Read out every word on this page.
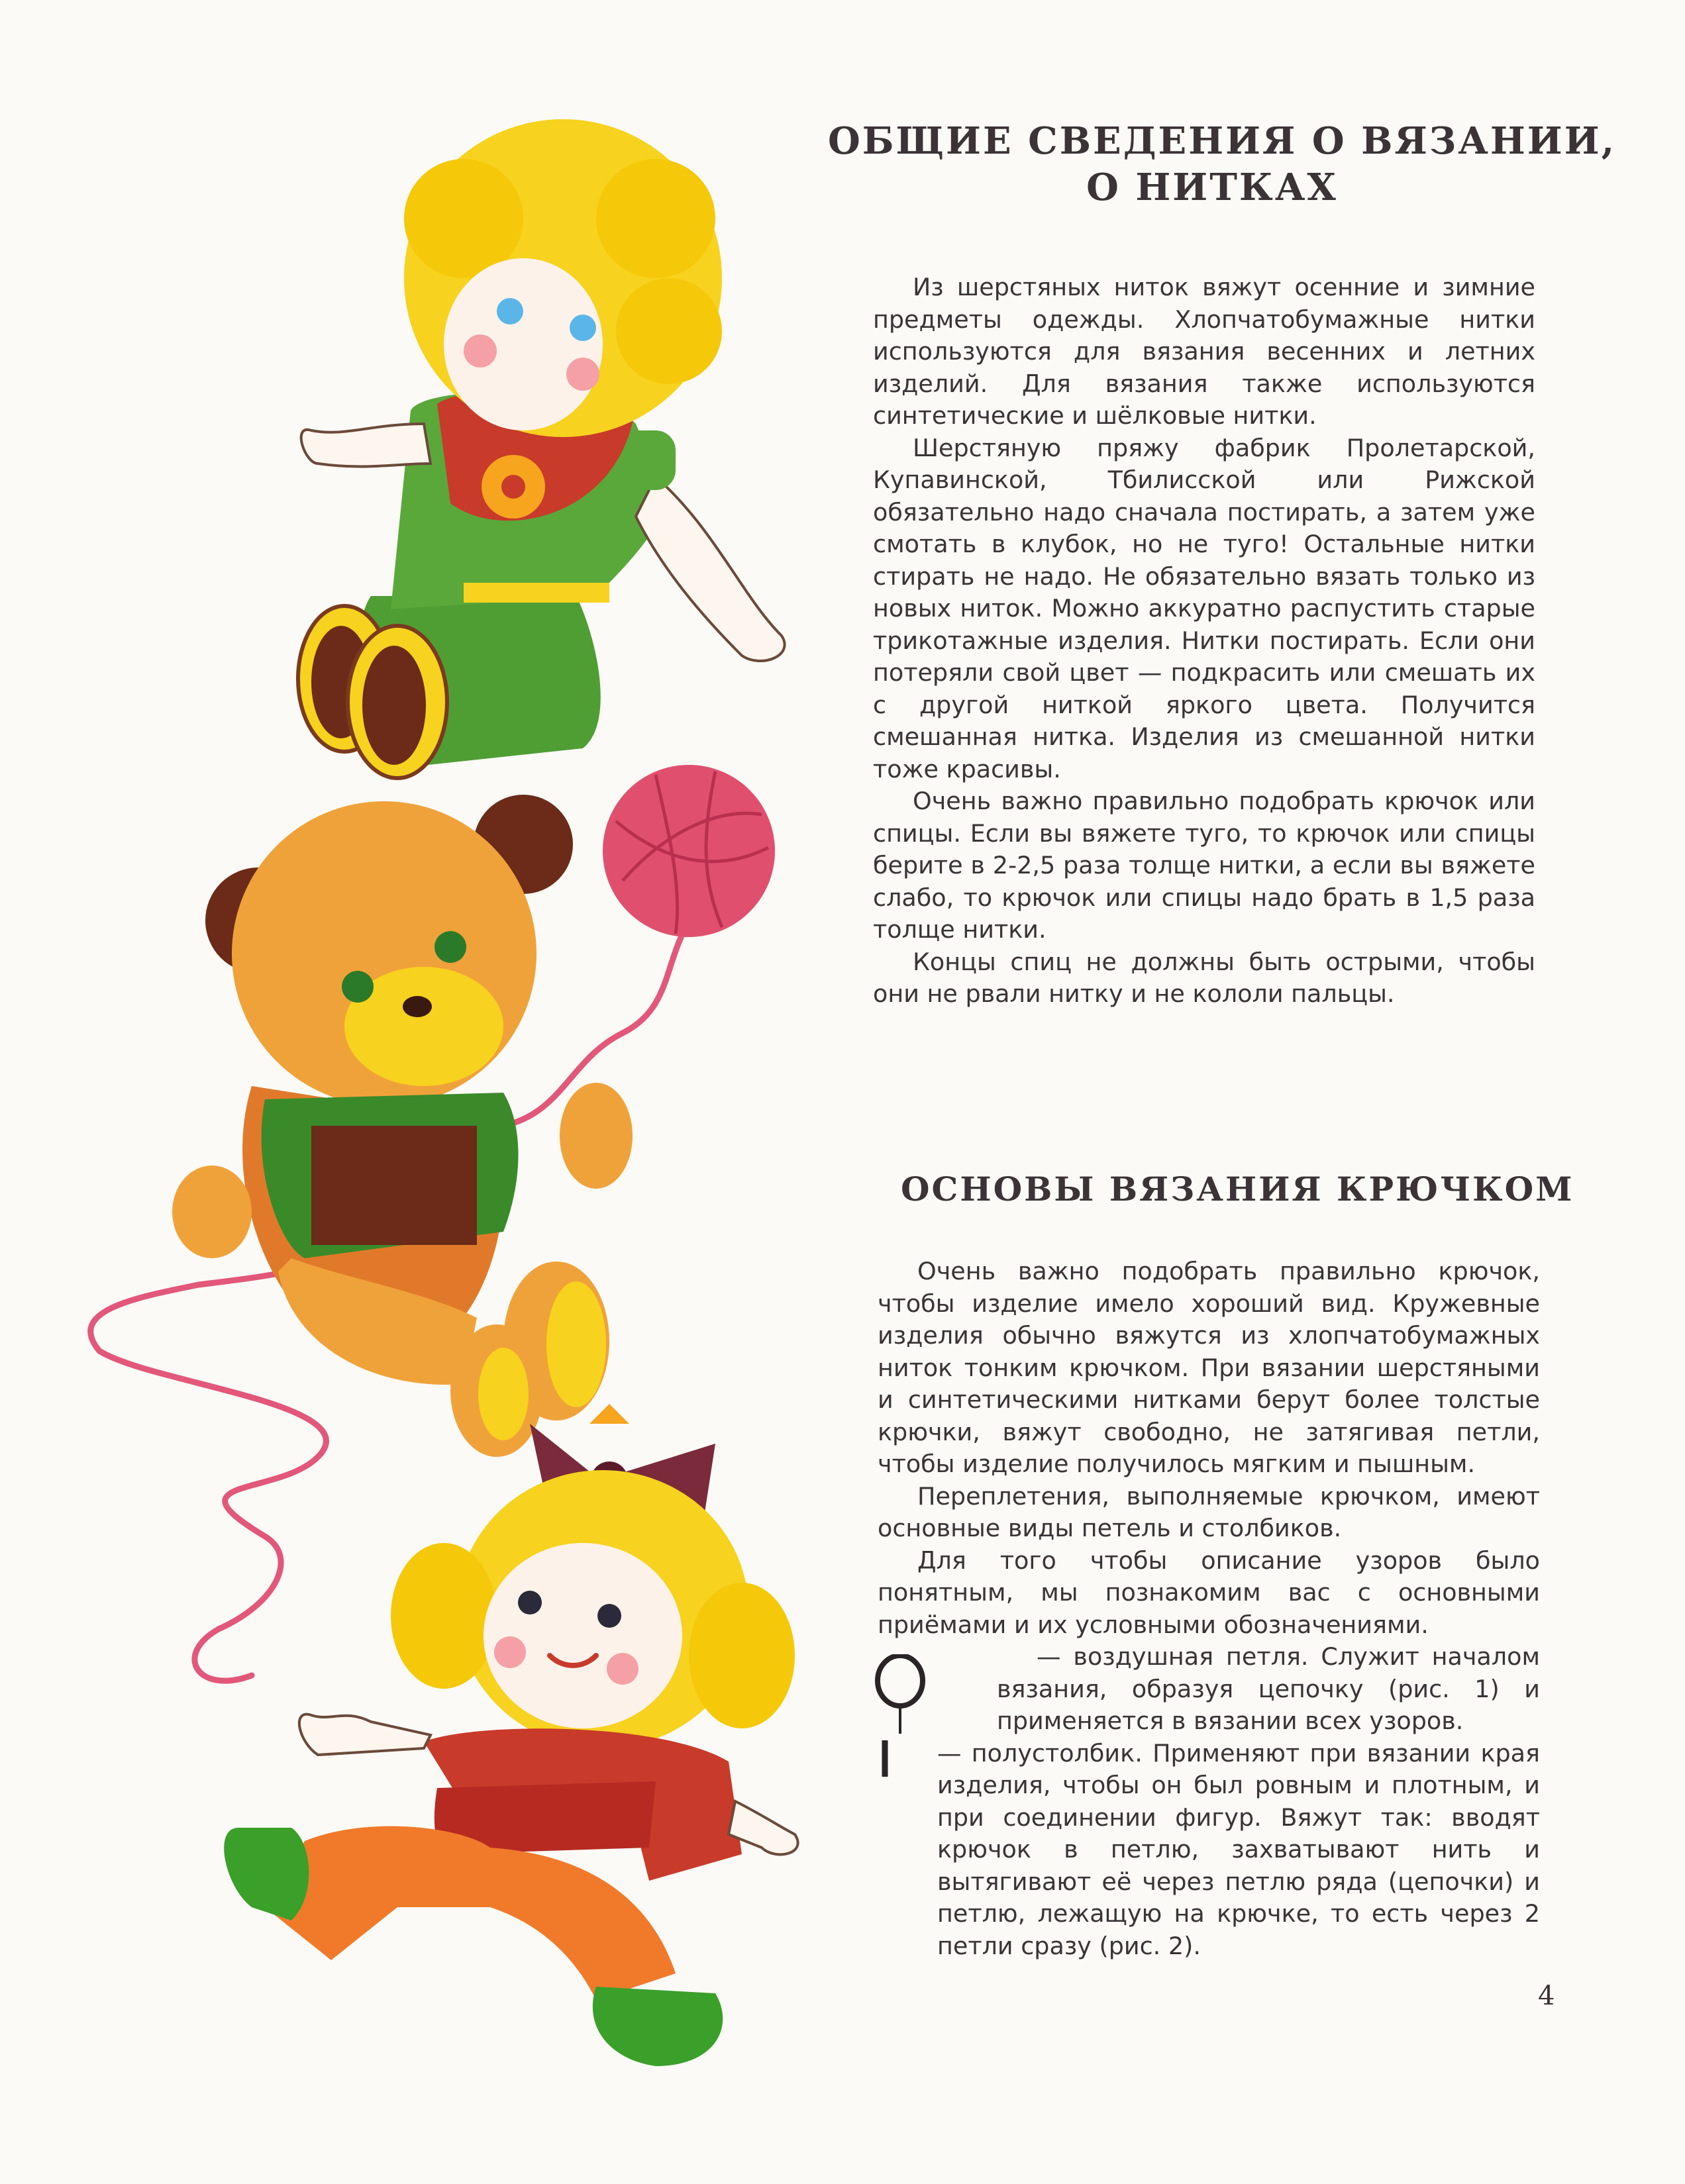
ОБЩИЕ СВЕДЕНИЯ О ВЯЗАНИИ,
О НИТКАХ

Из шерстяных ниток вяжут осенние и зимние предметы одежды. Хлопчатобумажные нитки используются для вязания весенних и летних изделий. Для вязания также используются синтетические и шёлковые нитки.

Шерстяную пряжу фабрик Пролетарской, Купавинской, Тбилисской или Рижской обязательно надо сначала постирать, а затем уже смотать в клубок, но не туго! Остальные нитки стирать не надо. Не обязательно вязать только из новых ниток. Можно аккуратно распустить старые трикотажные изделия. Нитки постирать. Если они потеряли свой цвет — подкрасить или смешать их с другой ниткой яркого цвета. Получится смешанная нитка. Изделия из смешанной нитки тоже красивы.

Очень важно правильно подобрать крючок или спицы. Если вы вяжете туго, то крючок или спицы берите в 2-2,5 раза толще нитки, а если вы вяжете слабо, то крючок или спицы надо брать в 1,5 раза толще нитки.

Концы спиц не должны быть острыми, чтобы они не рвали нитку и не кололи пальцы.

ОСНОВЫ ВЯЗАНИЯ КРЮЧКОМ

Очень важно подобрать правильно крючок, чтобы изделие имело хороший вид. Кружевные изделия обычно вяжутся из хлопчатобумажных ниток тонким крючком. При вязании шерстяными и синтетическими нитками берут более толстые крючки, вяжут свободно, не затягивая петли, чтобы изделие получилось мягким и пышным.

Переплетения, выполняемые крючком, имеют основные виды петель и столбиков.

Для того чтобы описание узоров было понятным, мы познакомим вас с основными приёмами и их условными обозначениями.

— воздушная петля. Служит началом вязания, образуя цепочку (рис. 1) и применяется в вязании всех узоров.

— полустолбик. Применяют при вязании края изделия, чтобы он был ровным и плотным, и при соединении фигур. Вяжут так: вводят крючок в петлю, захватывают нить и вытягивают её через петлю ряда (цепочки) и петлю, лежащую на крючке, то есть через 2 петли сразу (рис. 2).

4
